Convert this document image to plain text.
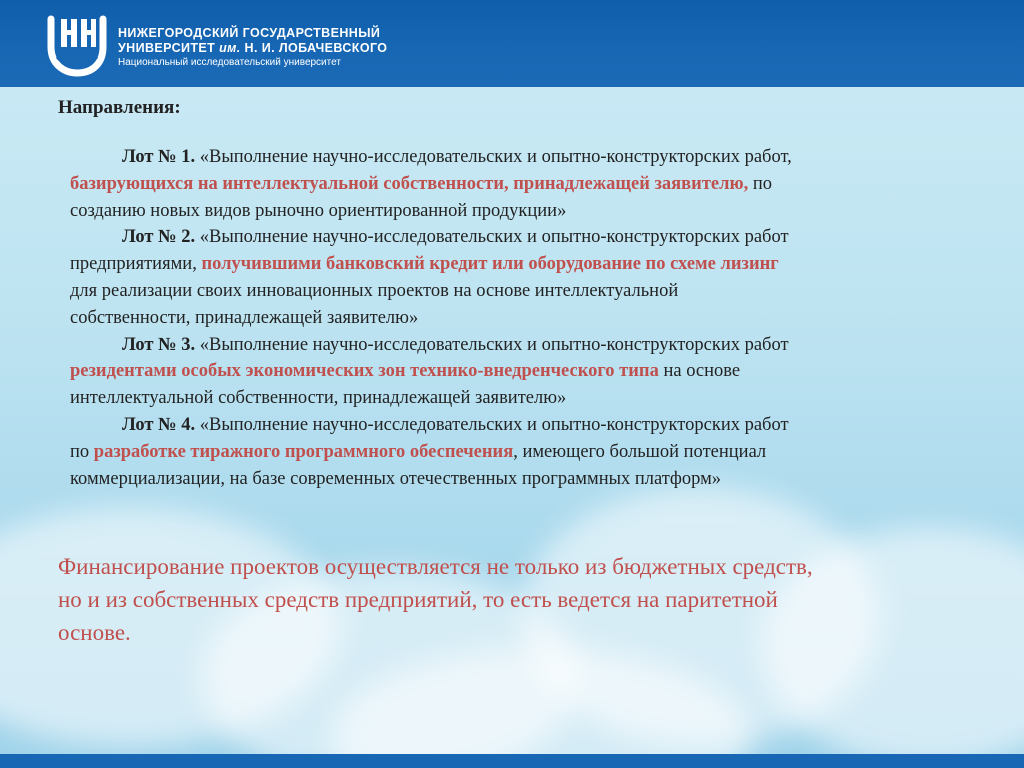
НИЖЕГОРОДСКИЙ ГОСУДАРСТВЕННЫЙ
УНИВЕРСИТЕТ им. Н. И. ЛОБАЧЕВСКОГО
Национальный исследовательский университет
Направления:

Лот № 1. «Выполнение научно-исследовательских и опытно-конструкторских работ,
базирующихся на интеллектуальной собственности, принадлежащей заявителю, по
созданию новых видов рыночно ориентированной продукции»

Лот № 2. «Выполнение научно-исследовательских и опытно-конструкторских работ
предприятиями, получившими банковский кредит или оборудование по схеме лизинг
для реализации своих инновационных проектов на основе интеллектуальной
собственности, принадлежащей заявителю»

Лот № 3. «Выполнение научно-исследовательских и опытно-конструкторских работ
резидентами особых экономических зон технико-внедренческого типа на основе
интеллектуальной собственности, принадлежащей заявителю»

Лот № 4. «Выполнение научно-исследовательских и опытно-конструкторских работ
по разработке тиражного программного обеспечения, имеющего большой потенциал
коммерциализации, на базе современных отечественных программных платформ»

Финансирование проектов осуществляется не только из бюджетных средств,
но и из собственных средств предприятий, то есть ведется на паритетной
основе.
